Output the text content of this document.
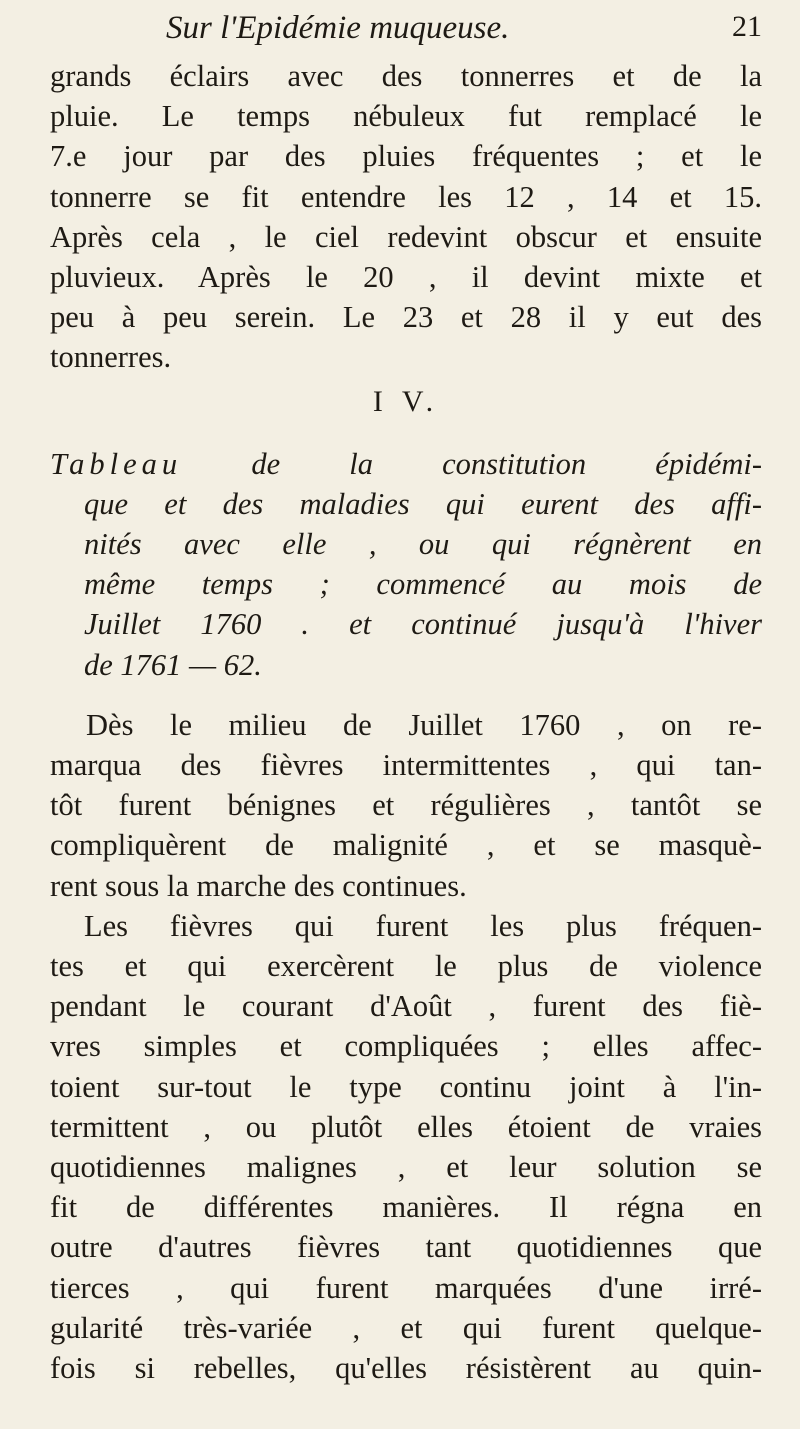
Sur l'Epidémie muqueuse.	21
grands éclairs avec des tonnerres et de la
pluie. Le temps nébuleux fut remplacé le
7.e jour par des pluies fréquentes ; et le
tonnerre se fit entendre les 12 , 14 et 15.
Après cela , le ciel redevint obscur et ensuite
pluvieux. Après le 20 , il devint mixte et
peu à peu serein. Le 23 et 28 il y eut des
tonnerres.
I V.
Tableau de la constitution épidémi-
que et des maladies qui eurent des affi-
nités avec elle , ou qui régnèrent en
même temps ; commencé au mois de
Juillet 1760 . et continué jusqu'à l'hiver
de 1761 — 62.
Dès le milieu de Juillet 1760 , on re-
marqua des fièvres intermittentes , qui tan-
tôt furent bénignes et régulières , tantôt se
compliquèrent de malignité , et se masquè-
rent sous la marche des continues.
Les fièvres qui furent les plus fréquen-
tes et qui exercèrent le plus de violence
pendant le courant d'Août , furent des fiè-
vres simples et compliquées ; elles affec-
toient sur-tout le type continu joint à l'in-
termittent , ou plutôt elles étoient de vraies
quotidiennes malignes , et leur solution se
fit de différentes manières. Il régna en
outre d'autres fièvres tant quotidiennes que
tierces , qui furent marquées d'une irré-
gularité très-variée , et qui furent quelque-
fois si rebelles, qu'elles résistèrent au quin-
